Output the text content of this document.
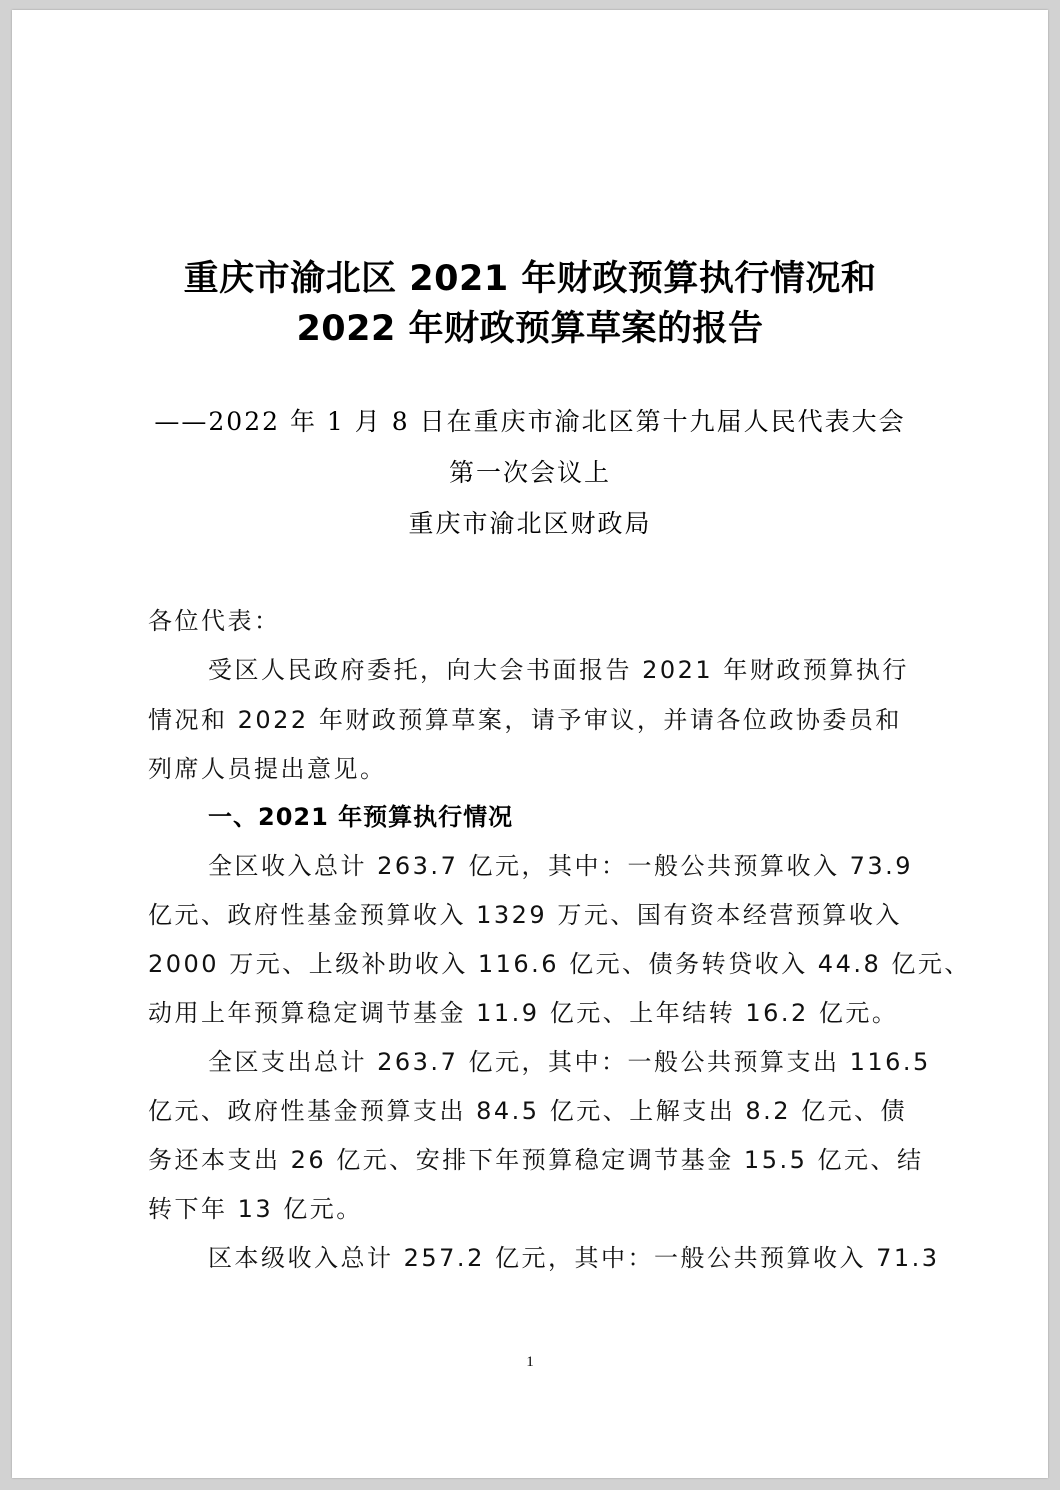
重庆市渝北区 2021 年财政预算执行情况和
2022 年财政预算草案的报告
——2022 年 1 月 8 日在重庆市渝北区第十九届人民代表大会
第一次会议上
重庆市渝北区财政局
各位代表：
受区人民政府委托，向大会书面报告 2021 年财政预算执行
情况和 2022 年财政预算草案，请予审议，并请各位政协委员和
列席人员提出意见。
一、2021 年预算执行情况
全区收入总计 263.7 亿元，其中：一般公共预算收入 73.9
亿元、政府性基金预算收入 1329 万元、国有资本经营预算收入
2000 万元、上级补助收入 116.6 亿元、债务转贷收入 44.8 亿元、
动用上年预算稳定调节基金 11.9 亿元、上年结转 16.2 亿元。
全区支出总计 263.7 亿元，其中：一般公共预算支出 116.5
亿元、政府性基金预算支出 84.5 亿元、上解支出 8.2 亿元、债
务还本支出 26 亿元、安排下年预算稳定调节基金 15.5 亿元、结
转下年 13 亿元。
区本级收入总计 257.2 亿元，其中：一般公共预算收入 71.3
1
